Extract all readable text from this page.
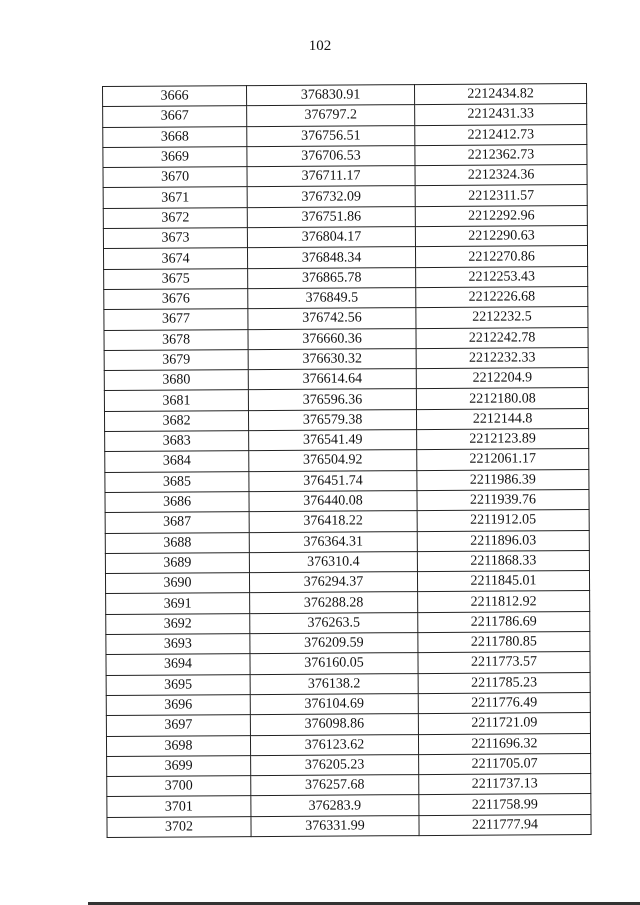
102
3666	376830.91	2212434.82
3667	376797.2	2212431.33
3668	376756.51	2212412.73
3669	376706.53	2212362.73
3670	376711.17	2212324.36
3671	376732.09	2212311.57
3672	376751.86	2212292.96
3673	376804.17	2212290.63
3674	376848.34	2212270.86
3675	376865.78	2212253.43
3676	376849.5	2212226.68
3677	376742.56	2212232.5
3678	376660.36	2212242.78
3679	376630.32	2212232.33
3680	376614.64	2212204.9
3681	376596.36	2212180.08
3682	376579.38	2212144.8
3683	376541.49	2212123.89
3684	376504.92	2212061.17
3685	376451.74	2211986.39
3686	376440.08	2211939.76
3687	376418.22	2211912.05
3688	376364.31	2211896.03
3689	376310.4	2211868.33
3690	376294.37	2211845.01
3691	376288.28	2211812.92
3692	376263.5	2211786.69
3693	376209.59	2211780.85
3694	376160.05	2211773.57
3695	376138.2	2211785.23
3696	376104.69	2211776.49
3697	376098.86	2211721.09
3698	376123.62	2211696.32
3699	376205.23	2211705.07
3700	376257.68	2211737.13
3701	376283.9	2211758.99
3702	376331.99	2211777.94
